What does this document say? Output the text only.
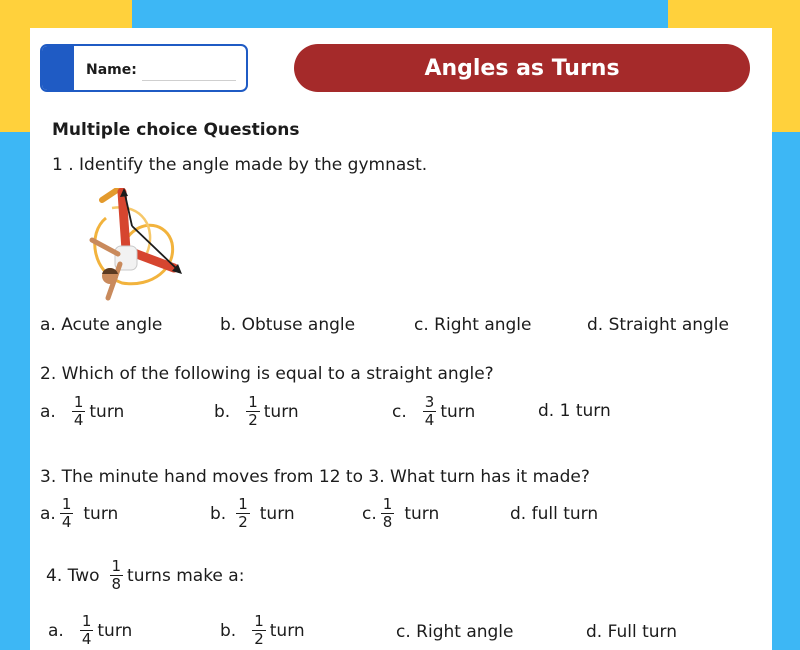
Name:	Angles as Turns
Multiple choice Questions
1 . Identify the angle made by the gymnast.
a. Acute angle	b. Obtuse angle	c. Right angle	d. Straight angle
2. Which of the following is equal to a straight angle?
a. $\frac{1}{4}$ turn	b. $\frac{1}{2}$ turn	c. $\frac{3}{4}$ turn	d. 1 turn
3. The minute hand moves from 12 to 3. What turn has it made?
a. $\frac{1}{4}$ turn	b. $\frac{1}{2}$ turn	c. $\frac{1}{8}$ turn	d. full turn
4. Two $\frac{1}{8}$ turns make a:
a. $\frac{1}{4}$ turn	b. $\frac{1}{2}$ turn	c. Right angle	d. Full turn
